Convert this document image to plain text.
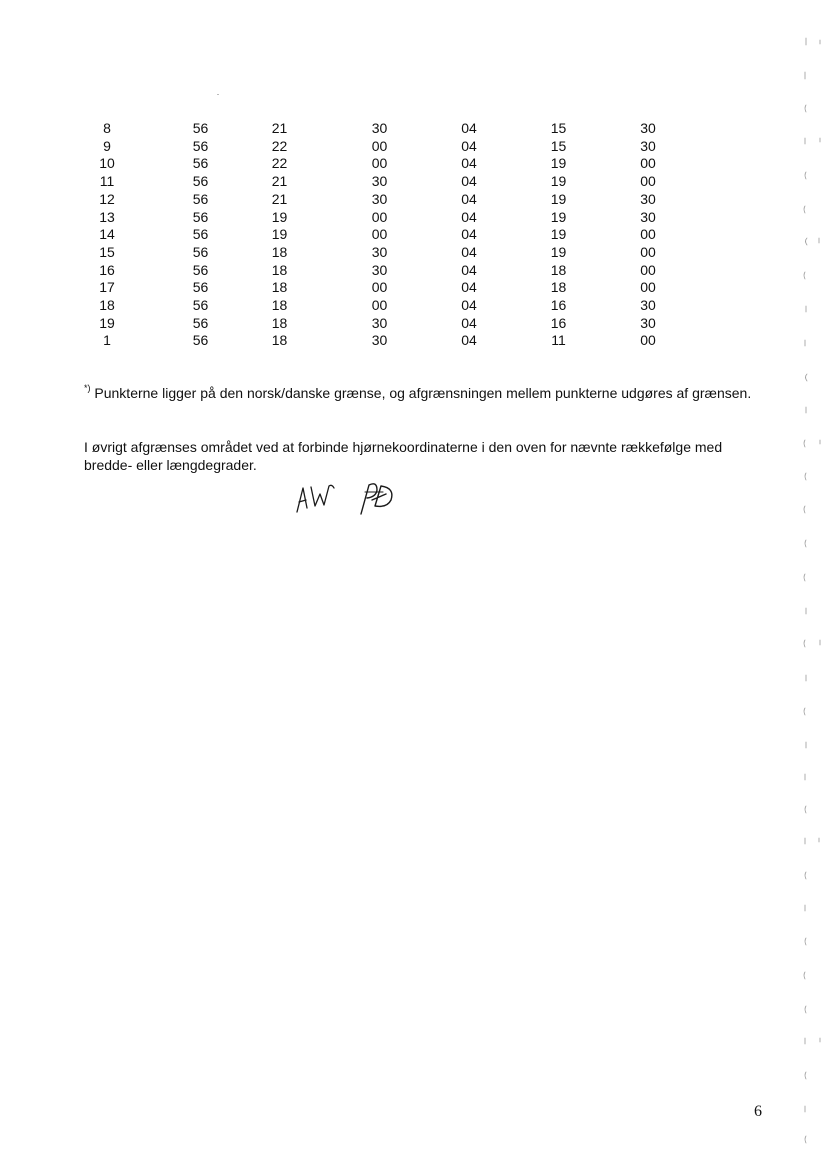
8	56	21	30	04	15	30
9	56	22	00	04	15	30
10	56	22	00	04	19	00
11	56	21	30	04	19	00
12	56	21	30	04	19	30
13	56	19	00	04	19	30
14	56	19	00	04	19	00
15	56	18	30	04	19	00
16	56	18	30	04	18	00
17	56	18	00	04	18	00
18	56	18	00	04	16	30
19	56	18	30	04	16	30
1	56	18	30	04	11	00

*) Punkterne ligger på den norsk/danske grænse, og afgrænsningen mellem punkterne udgøres af grænsen.

I øvrigt afgrænses området ved at forbinde hjørnekoordinaterne i den oven for nævnte rækkefølge med bredde- eller længdegrader.

6
